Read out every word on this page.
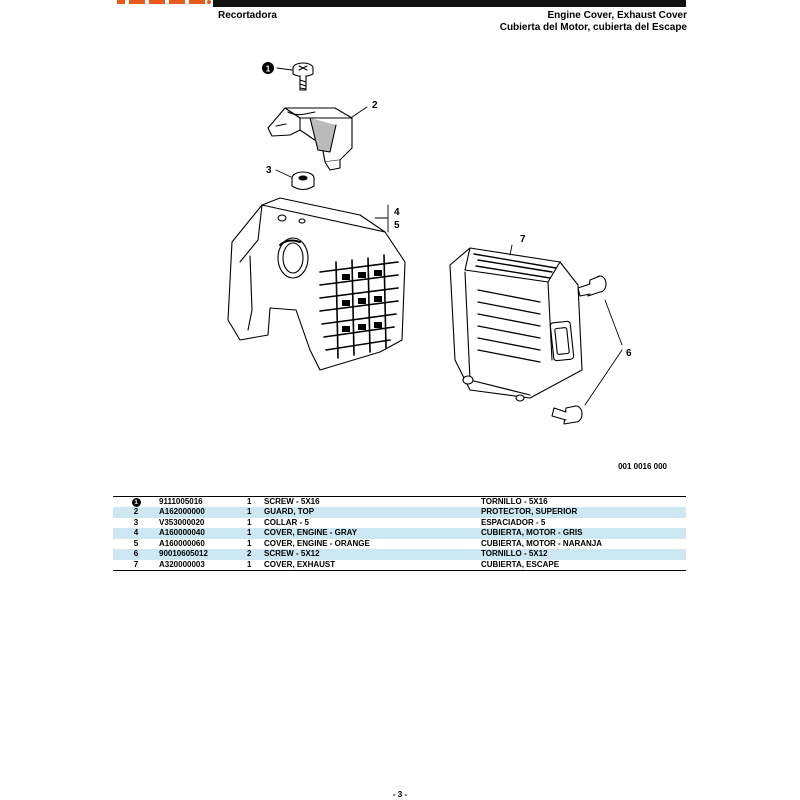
Recortadora	Engine Cover, Exhaust Cover
Cubierta del Motor, cubierta del Escape
1
2
3
4
5
6
7
001 0016 000
1	9111005016	1	SCREW - 5X16	TORNILLO - 5X16
2	A162000000	1	GUARD, TOP	PROTECTOR, SUPERIOR
3	V353000020	1	COLLAR - 5	ESPACIADOR - 5
4	A160000040	1	COVER, ENGINE - GRAY	CUBIERTA, MOTOR - GRIS
5	A160000060	1	COVER, ENGINE - ORANGE	CUBIERTA, MOTOR - NARANJA
6	90010605012	2	SCREW - 5X12	TORNILLO - 5X12
7	A320000003	1	COVER, EXHAUST	CUBIERTA, ESCAPE
- 3 -
